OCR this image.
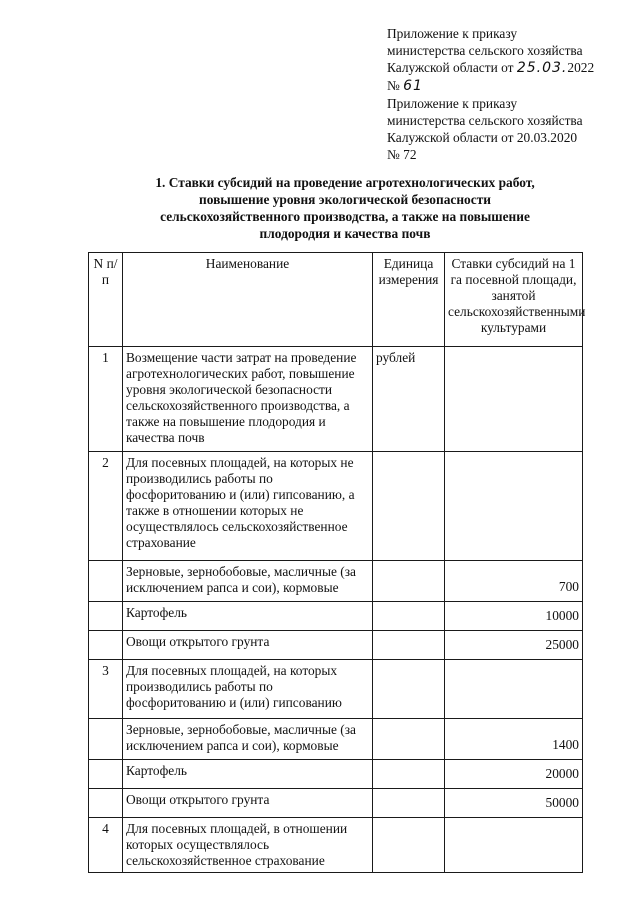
Приложение к приказу
министерства сельского хозяйства
Калужской области от 25.03.2022
№ 61
Приложение к приказу
министерства сельского хозяйства
Калужской области от 20.03.2020
№ 72
1. Ставки субсидий на проведение агротехнологических работ, повышение уровня экологической безопасности сельскохозяйственного производства, а также на повышение плодородия и качества почв
N п/п	Наименование	Единица измерения	Ставки субсидий на 1 га посевной площади, занятой сельскохозяйственными культурами
1	Возмещение части затрат на проведение агротехнологических работ, повышение уровня экологической безопасности сельскохозяйственного производства, а также на повышение плодородия и качества почв	рублей	
2	Для посевных площадей, на которых не производились работы по фосфоритованию и (или) гипсованию, а также в отношении которых не осуществлялось сельскохозяйственное страхование		
	Зерновые, зернобобовые, масличные (за исключением рапса и сои), кормовые		700
	Картофель		10000
	Овощи открытого грунта		25000
3	Для посевных площадей, на которых производились работы по фосфоритованию и (или) гипсованию		
	Зерновые, зернобобовые, масличные (за исключением рапса и сои), кормовые		1400
	Картофель		20000
	Овощи открытого грунта		50000
4	Для посевных площадей, в отношении которых осуществлялось сельскохозяйственное страхование		
